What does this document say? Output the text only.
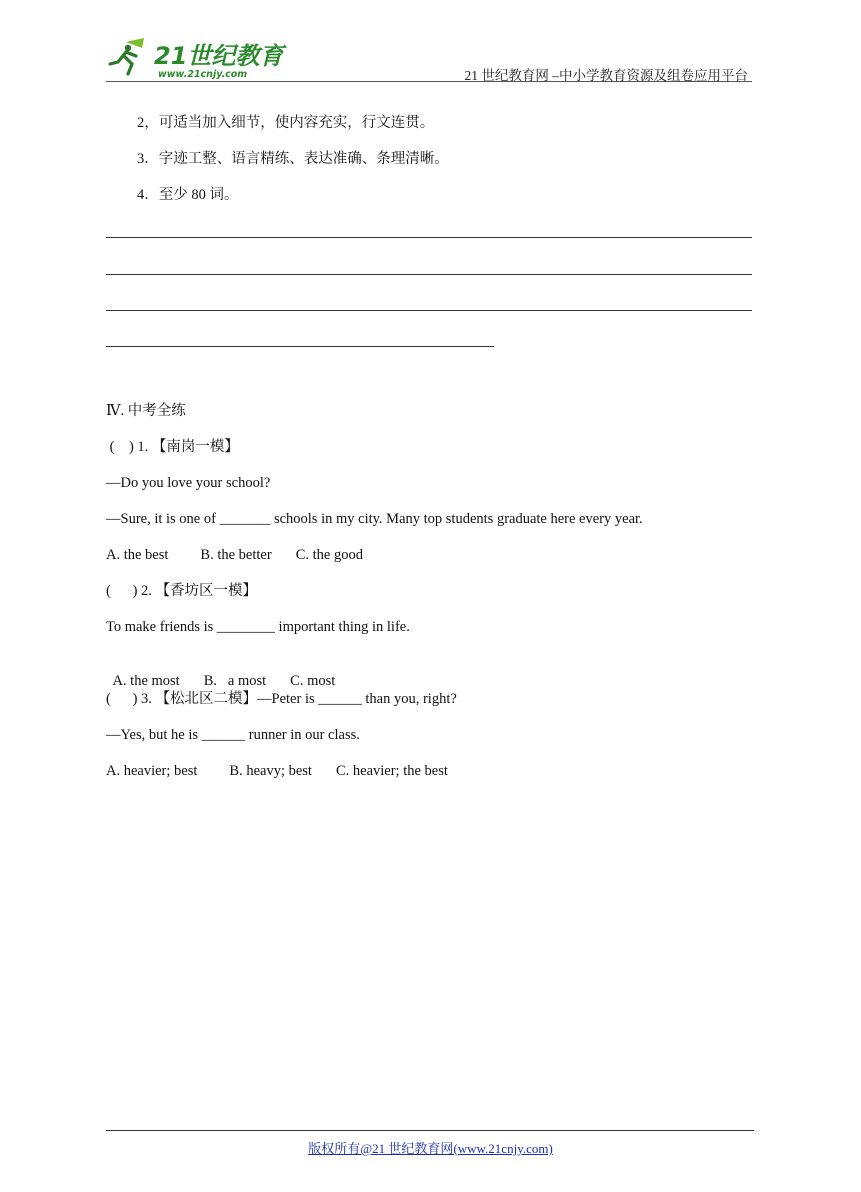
21世纪教育
www.21cnjy.com	21 世纪教育网 –中小学教育资源及组卷应用平台
2，可适当加入细节，使内容充实，行文连贯。
3．字迹工整、语言精练、表达准确、条理清晰。
4．至少 80 词。
Ⅳ. 中考全练
(    ) 1. 【南岗一模】
—Do you love your school?
—Sure, it is one of _______ schools in my city. Many top students graduate here every year.
A. the best B. the better C. the good
(      ) 2. 【香坊区一模】
To make friends is ________ important thing in life.

A. the most B.   a most C. most

(      ) 3. 【松北区二模】—Peter is ______ than you, right?
—Yes, but he is ______ runner in our class.
A. heavier; best B. heavy; best C. heavier; the best
版权所有@21 世纪教育网(www.21cnjy.com)
